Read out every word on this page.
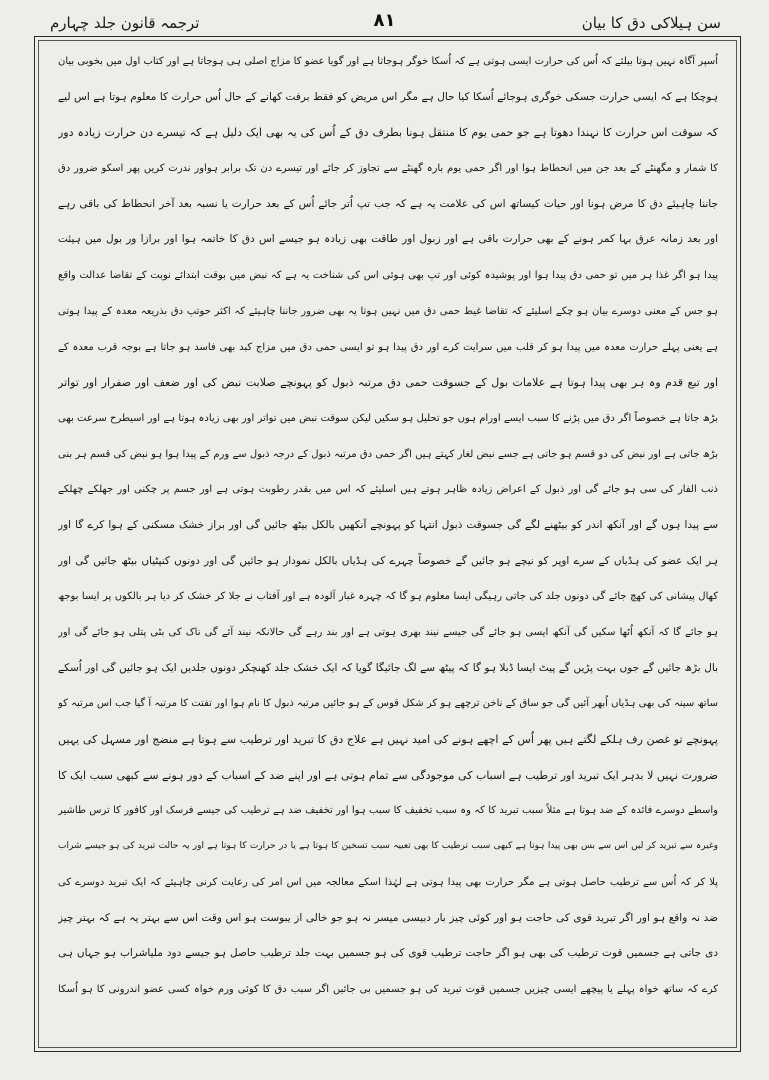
ترجمہ قانون جلد چہارم	۸۱	سن ہیلاکی دق کا بیان
اُسپر آگاہ نہیں ہوتا بیلئے کہ اُس کی حرارت ایسی ہوتی ہے کہ اُسکا خوگر ہوجاتا ہے اور گویا عضو کا مزاج اصلی ہی ہوجاتا ہے اور کتاب اول میں بخوبی بیان
ہوچکا ہے کہ ایسی حرارت جسکی خوگری ہوجائے اُسکا کیا حال ہے مگر اس مریض کو فقط برفت کھانے کے حال اُس حرارت کا معلوم ہوتا ہے اس لیے
کہ سوقت اس حرارت کا نہندا دھوتا ہے جو حمی یوم کا منتقل ہونا بطرف دق کے اُس کی یہ بھی ایک دلیل ہے کہ تیسرے دن حرارت زیادہ دور
کا شمار و مگھنٹے کے بعد جن میں انحطاط ہوا اور اگر حمی یوم بارہ گھنٹے سے تجاوز کر جائے اور تیسرے دن تک برابر ہواور ندرت کریں پھر اسکو ضرور دق
جاننا چاہیئے دق کا مرض ہونا اور حیات کیساتھ اس کی علامت یہ ہے کہ جب تپ اُتر جائے اُس کے بعد حرارت یا نسبہ بعد آخر انحطاط کی باقی رہے
اور بعد زمانہ عرق بہا کمر ہونے کے بھی حرارت باقی ہے اور زبول اور طاقت بھی زیادہ ہو جیسے اس دق کا خاتمہ ہوا اور برازا ور بول میں ہیئت
پیدا ہو اگر غذا ہر میں تو حمی دق پیدا ہوا اور پوشیدہ کوئی اور تپ بھی ہوئی اس کی شناخت یہ ہے کہ نبض میں بوقت ابتدائے نوبت کے تقاضا عدالت واقع
ہو جس کے معنی دوسرے بیان ہو چکے اسلیئے کہ تقاضا غیط حمی دق میں نہیں ہوتا یہ بھی ضرور جاننا چاہیئے کہ اکثر حوتپ دق بذریعہ معدہ کے پیدا ہوتی
ہے یعنی پہلے حرارت معدہ میں پیدا ہو کر قلب میں سرایت کرے اور دق پیدا ہو تو ایسی حمی دق میں مزاج کبد بھی فاسد ہو جاتا ہے بوجہ قرب معدہ کے
اور تبع قدم وہ ہر بھی پیدا ہوتا ہے علامات بول کے جسوقت حمی دق مرتبہ ذبول کو پہونچے صلابت نبض کی اور ضعف اور صفرار اور تواتر
بڑھ جاتا ہے خصوصاً اگر دق میں پڑنے کا سبب ایسے اورام ہوں جو تحلیل ہو سکیں لیکن سوقت نبض میں تواتر اور بھی زیادہ ہوتا ہے اور اسیطرح سرعت بھی
بڑھ جاتی ہے اور نبض کی دو قسم ہو جاتی ہے جسے نبض لغار کہتے ہیں اگر حمی دق مرتبہ ذبول کے درجہ ذبول سے ورم کے پیدا ہوا ہو نبض کی قسم ہر بنی
ذنب الفار کی سی ہو جائے گی اور ذبول کے اعراض زیادہ ظاہر ہوتے ہیں اسلیئے کہ اس میں بقدر رطوبت ہوتی ہے اور جسم پر چکنی اور جھلکے چھلکے
سے پیدا ہوں گے اور آنکھ اندر کو بیٹھنے لگے گی جسوقت ذبول انتہا کو پہونچے آنکھیں بالکل بیٹھ جائیں گی اور براز خشک مسکنی کے ہوا کرے گا اور
ہر ایک عضو کی ہڈیاں کے سرے اوپر کو نیچے ہو جائیں گے خصوصاً چہرے کی ہڈیاں بالکل نمودار ہو جائیں گی اور دونوں کنپٹیاں بیٹھ جائیں گی اور
کھال پیشانی کی کھچ جائے گی دونوں جلد کی جاتی رہیگی ایسا معلوم ہو گا کہ چہرہ غبار آلودہ ہے اور آفتاب نے جلا کر خشک کر دیا ہر بالکوں پر ایسا بوجھ
ہو جائے گا کہ آنکھ اُٹھا سکیں گی آنکھ ایسی ہو جائے گی جیسے نیند بھری ہوتی ہے اور بند رہے گی حالانکہ نیند آئے گی ناک کی بٹی پتلی ہو جائے گی اور
بال بڑھ جائیں گے جوں بہت پڑیں گے پیٹ ایسا ڈبلا ہو گا کہ پیٹھ سے لگ جائیگا گویا کہ ایک خشک جلد کھنچکر دونوں جلدیں ایک ہو جائیں گی اور اُسکے
ساتھ سینہ کی بھی ہڈیاں اُبھر آئیں گی جو ساق کے ناخن ترچھے ہو کر شکل قوس کے ہو جائیں مرتبہ ذبول کا نام ہوا اور تفتت کا مرتبہ آ گیا جب اس مرتبہ کو
پہونچے تو غصن رف ہلکے لگتے ہیں پھر اُس کے اچھے ہونے کی امید نہیں ہے علاج دق کا تبرید اور ترطیب سے ہوتا ہے منضج اور مسہل کی یہیں
ضرورت نہیں لا بدہر ایک تبرید اور ترطیب ہے اسباب کی موجودگی سے تمام ہوتی ہے اور اپنے ضد کے اسباب کے دور ہونے سے کبھی سبب ایک کا
واسطے دوسرے فائدہ کے ضد ہوتا ہے مثلاً سبب تبرید کا کہ وہ سبب تخفیف کا سبب ہوا اور تخفیف ضد ہے ترطیب کی جیسے فرسک اور کافور کا ترس طاشیر
وغیرہ سے تبرید کر لیں اس سے بس بھی پیدا ہوتا ہے کبھی سبب ترطیب کا بھی تعبیہ سبب تسخین کا ہوتا ہے یا در حرارت کا ہوتا ہے اور یہ حالت تبرید کی ہو جیسے شراب
پلا کر کہ اُس سے ترطیب حاصل ہوتی ہے مگر حرارت بھی پیدا ہوتی ہے لہٰذا اسکے معالجہ میں اس امر کی رعایت کرنی چاہیئے کہ ایک تبرید دوسرے کی
ضد نہ واقع ہو اور اگر تبرید قوی کی حاجت ہو اور کوئی چیز بار دبیسی میسر نہ ہو جو خالی از یبوست ہو اس وقت اس سے بہتر یہ ہے کہ بہتر چیز
دی جاتی ہے جسمیں قوت ترطیب کی بھی ہو اگر حاجت ترطیب قوی کی ہو جسمیں بہت جلد ترطیب حاصل ہو جیسے دود ملیاشراب ہو جہاں ہی
کرے کہ ساتھ خواہ پہلے یا پیچھے ایسی چیزیں جسمیں قوت تبرید کی ہو جسمیں بی جائیں اگر سبب دق کا کوئی ورم خواہ کسی عضو اندرونی کا ہو اُسکا
